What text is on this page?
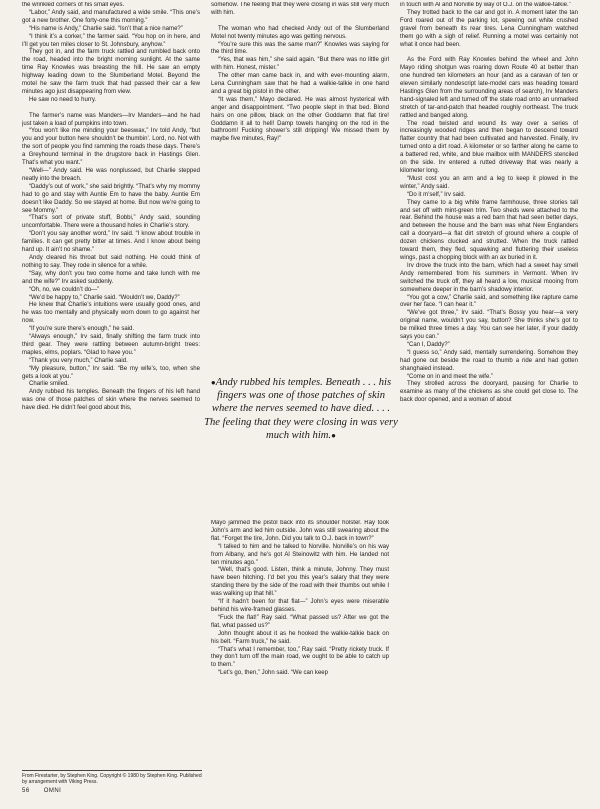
the wrinkled corners of his small eyes.

“Labor,” Andy said, and manufactured a wide smile. “This one’s got a new brother. One forty-one this morning.”

“His name is Andy,” Charlie said. “Isn’t that a nice name?”

“I think it’s a corker,” the farmer said. “You hop on in here, and I’ll get you ten miles closer to St. Johnsbury, anyhow.”

They got in, and the farm truck rattled and rumbled back onto the road, headed into the bright morning sunlight. At the same time Ray Knowles was breasting the hill. He saw an empty highway leading down to the Slumberland Motel. Beyond the motel he saw the farm truck that had passed their car a few minutes ago just disappearing from view.

He saw no need to hurry.

The farmer’s name was Manders—Irv Manders—and he had just taken a load of pumpkins into town.

“You won’t like me minding your beeswax,” Irv told Andy, “but you and your button here shouldn’t be thumbin’. Lord, no. Not with the sort of people you find ramming the roads these days. There’s a Greyhound terminal in the drugstore back in Hastings Glen. That’s what you want.”

“Well—” Andy said. He was nonplussed, but Charlie stepped neatly into the breach.

“Daddy’s out of work,” she said brightly. “That’s why my mommy had to go and stay with Auntie Em to have the baby. Auntie Em doesn’t like Daddy. So we stayed at home. But now we’re going to see Mommy.”

“That’s sort of private stuff, Bobbi,” Andy said, sounding uncomfortable. There were a thousand holes in Charlie’s story.

“Don’t you say another word,” Irv said. “I know about trouble in families. It can get pretty bitter at times. And I know about being hard up. It ain’t no shame.”

Andy cleared his throat but said nothing. He could think of nothing to say. They rode in silence for a while.

“Say, why don’t you two come home and take lunch with me and the wife?” Irv asked suddenly.

“Oh, no, we couldn’t do—”

“We’d be happy to,” Charlie said. “Wouldn’t we, Daddy?”

He knew that Charlie’s intuitions were usually good ones, and he was too mentally and physically worn down to go against her now.

“If you’re sure there’s enough,” he said.

“Always enough,” Irv said, finally shifting the farm truck into third gear. They were rattling between autumn-bright trees: maples, elms, poplars. “Glad to have you.”

“Thank you very much,” Charlie said.

“My pleasure, button,” Irv said. “Be my wife’s, too, when she gets a look at you.”

Charlie smiled.

Andy rubbed his temples. Beneath the fingers of his left hand was one of those patches of skin where the nerves seemed to have died. He didn’t feel good about this,

somehow. The feeling that they were closing in was still very much with him.

The woman who had checked Andy out of the Slumberland Motel not twenty minutes ago was getting nervous.

“You’re sure this was the same man?” Knowles was saying for the third time.

“Yes, that was him,” she said again. “But there was no little girl with him. Honest, mister.”

The other man came back in, and with ever-mounting alarm, Lena Cunningham saw that he had a walkie-talkie in one hand and a great big pistol in the other.

“It was them,” Mayo declared. He was almost hysterical with anger and disappointment. “Two people slept in that bed. Blond hairs on one pillow, black on the other Goddamn that flat tire! Goddamn it all to hell! Damp towels hanging on the rod in the bathroom! Fucking shower’s still dripping! We missed them by maybe five minutes, Ray!”

Mayo jammed the pistol back into its shoulder holster. Ray took John’s arm and led him outside. John was still swearing about the flat. “Forget the tire, John. Did you talk to O.J. back in town?”

“I talked to him and he talked to Norville. Norville’s on his way from Albany, and he’s got Al Steinowitz with him. He landed not ten minutes ago.”

“Well, that’s good. Listen, think a minute, Johnny. They must have been hitching. I’d bet you this year’s salary that they were standing there by the side of the road with their thumbs out while I was walking up that hill.”

“If it hadn’t been for that flat—” John’s eyes were miserable behind his wire-framed glasses.

“Fuck the flat!” Ray said. “What passed us? After we got the flat, what passed us?”

John thought about it as he hooked the walkie-talkie back on his belt. “Farm truck,” he said.

“That’s what I remember, too,” Ray said. “Pretty rickety truck. If they don’t turn off the main road, we ought to be able to catch up to them.”

“Let’s go, then,” John said. “We can keep

in touch with Al and Norville by way of O.J. on the walkie-talkie.”

They trotted back to the car and got in. A moment later the tan Ford roared out of the parking lot, spewing out white crushed gravel from beneath its rear tires. Lena Cunningham watched them go with a sigh of relief. Running a motel was certainly not what it once had been.

As the Ford with Ray Knowles behind the wheel and John Mayo riding shotgun was roaring down Route 40 at better than one hundred ten kilometers an hour (and as a caravan of ten or eleven similarly nondescript late-model cars was heading toward Hastings Glen from the surrounding areas of search), Irv Manders hand-signaled left and turned off the state road onto an unmarked stretch of tar-and-patch that headed roughly northeast. The truck rattled and banged along.

The road twisted and wound its way over a series of increasingly wooded ridges and then began to descend toward flatter country that had been cultivated and harvested. Finally, Irv turned onto a dirt road. A kilometer or so farther along he came to a battered red, white, and blue mailbox with MANDERS stenciled on the side. Irv entered a rutted driveway that was nearly a kilometer long.

“Must cost you an arm and a leg to keep it plowed in the winter,” Andy said.

“Do it m’self,” Irv said.

They came to a big white frame farmhouse, three stories tall and set off with mint-green trim. Two sheds were attached to the rear. Behind the house was a red barn that had seen better days, and between the house and the barn was what New Englanders call a dooryard—a flat dirt stretch of ground where a couple of dozen chickens clucked and strutted. When the truck rattled toward them, they fled, squawking and fluttering their useless wings, past a chopping block with an ax buried in it.

Irv drove the truck into the barn, which had a sweet hay smell Andy remembered from his summers in Vermont. When Irv switched the truck off, they all heard a low, musical mooing from somewhere deeper in the barn’s shadowy interior.

“You got a cow,” Charlie said, and something like rapture came over her face. “I can hear it.”

“We’ve got three,” Irv said. “That’s Bossy you hear—a very original name, wouldn’t you say, button? She thinks she’s got to be milked three times a day. You can see her later, if your daddy says you can.”

“Can I, Daddy?”

“I guess so,” Andy said, mentally surrendering. Somehow they had gone out beside the road to thumb a ride and had gotten shanghaied instead.

“Come on in and meet the wife.”

They strolled across the dooryard, pausing for Charlie to examine as many of the chickens as she could get close to. The back door opened, and a woman of about

●Andy rubbed his temples. Beneath . . . his fingers was one of those patches of skin where the nerves seemed to have died. . . . The feeling that they were closing in was very much with him.●
From Firestarter, by Stephen King. Copyright © 1980 by Stephen King. Published by arrangement with Viking Press.
56 OMNI
